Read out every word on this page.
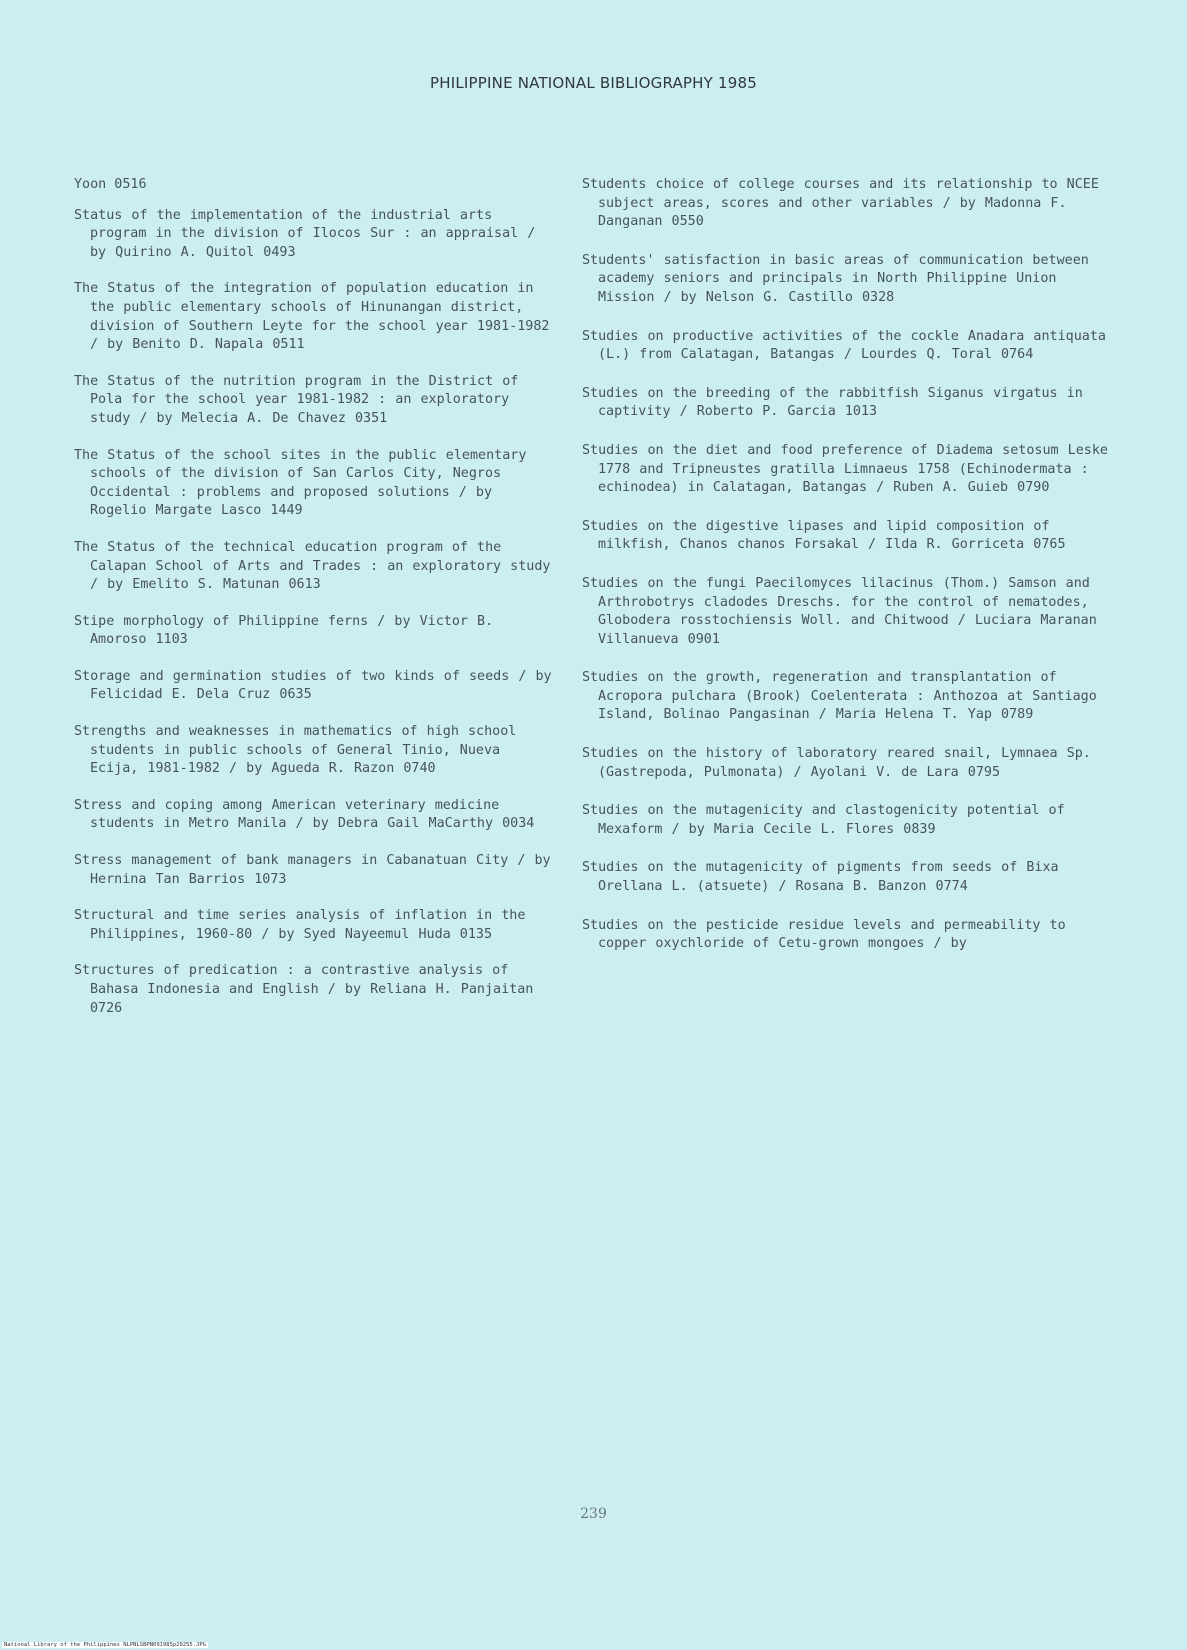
PHILIPPINE NATIONAL BIBLIOGRAPHY 1985
Yoon 0516
Status of the implementation of the industrial arts program in the division of Ilocos Sur : an appraisal / by Quirino A. Quitol 0493
The Status of the integration of population education in the public elementary schools of Hinunangan district, division of Southern Leyte for the school year 1981-1982 / by Benito D. Napala 0511
The Status of the nutrition program in the District of Pola for the school year 1981-1982 : an exploratory study / by Melecia A. De Chavez 0351
The Status of the school sites in the public elementary schools of the division of San Carlos City, Negros Occidental : problems and proposed solutions / by Rogelio Margate Lasco 1449
The Status of the technical education program of the Calapan School of Arts and Trades : an exploratory study / by Emelito S. Matunan 0613
Stipe morphology of Philippine ferns / by Victor B. Amoroso 1103
Storage and germination studies of two kinds of seeds / by Felicidad E. Dela Cruz 0635
Strengths and weaknesses in mathematics of high school students in public schools of General Tinio, Nueva Ecija, 1981-1982 / by Agueda R. Razon 0740
Stress and coping among American veterinary medicine students in Metro Manila / by Debra Gail MaCarthy 0034
Stress management of bank managers in Cabanatuan City / by Hernina Tan Barrios 1073
Structural and time series analysis of inflation in the Philippines, 1960-80 / by Syed Nayeemul Huda 0135
Structures of predication : a contrastive analysis of Bahasa Indonesia and English / by Reliana H. Panjaitan 0726
Students choice of college courses and its relationship to NCEE subject areas, scores and other variables / by Madonna F. Danganan 0550
Students' satisfaction in basic areas of communication between academy seniors and principals in North Philippine Union Mission / by Nelson G. Castillo 0328
Studies on productive activities of the cockle Anadara antiquata (L.) from Calatagan, Batangas / Lourdes Q. Toral 0764
Studies on the breeding of the rabbitfish Siganus virgatus in captivity / Roberto P. Garcia 1013
Studies on the diet and food preference of Diadema setosum Leske 1778 and Tripneustes gratilla Limnaeus 1758 (Echinodermata : echinodea) in Calatagan, Batangas / Ruben A. Guieb 0790
Studies on the digestive lipases and lipid composition of milkfish, Chanos chanos Forsakal / Ilda R. Gorriceta 0765
Studies on the fungi Paecilomyces lilacinus (Thom.) Samson and Arthrobotrys cladodes Dreschs. for the control of nematodes, Globodera rosstochiensis Woll. and Chitwood / Luciara Maranan Villanueva 0901
Studies on the growth, regeneration and transplantation of Acropora pulchara (Brook) Coelenterata : Anthozoa at Santiago Island, Bolinao Pangasinan / Maria Helena T. Yap 0789
Studies on the history of laboratory reared snail, Lymnaea Sp. (Gastrepoda, Pulmonata) / Ayolani V. de Lara 0795
Studies on the mutagenicity and clastogenicity potential of Mexaform / by Maria Cecile L. Flores 0839
Studies on the mutagenicity of pigments from seeds of Bixa Orellana L. (atsuete) / Rosana B. Banzon 0774
Studies on the pesticide residue levels and permeability to copper oxychloride of Cetu-grown mongoes / by
239
National Library of the Philippines NLPNLSBPN091985p20255.JPG
